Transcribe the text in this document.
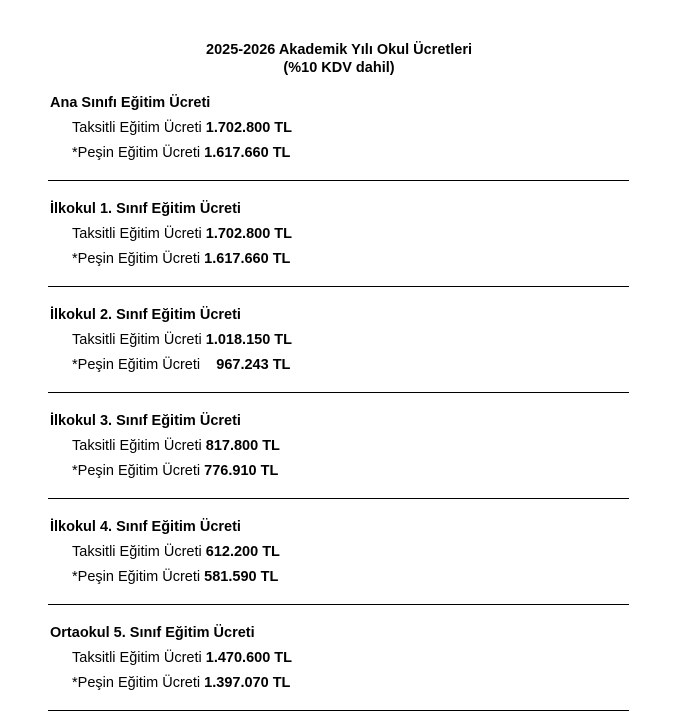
2025-2026 Akademik Yılı Okul Ücretleri
(%10 KDV dahil)
Ana Sınıfı Eğitim Ücreti
Taksitli Eğitim Ücreti 1.702.800 TL
*Peşin Eğitim Ücreti 1.617.660 TL
İlkokul 1. Sınıf Eğitim Ücreti
Taksitli Eğitim Ücreti 1.702.800 TL
*Peşin Eğitim Ücreti 1.617.660 TL
İlkokul 2. Sınıf Eğitim Ücreti
Taksitli Eğitim Ücreti 1.018.150 TL
*Peşin Eğitim Ücreti 967.243 TL
İlkokul 3. Sınıf Eğitim Ücreti
Taksitli Eğitim Ücreti 817.800 TL
*Peşin Eğitim Ücreti 776.910 TL
İlkokul 4. Sınıf Eğitim Ücreti
Taksitli Eğitim Ücreti 612.200 TL
*Peşin Eğitim Ücreti 581.590 TL
Ortaokul 5. Sınıf Eğitim Ücreti
Taksitli Eğitim Ücreti 1.470.600 TL
*Peşin Eğitim Ücreti 1.397.070 TL
